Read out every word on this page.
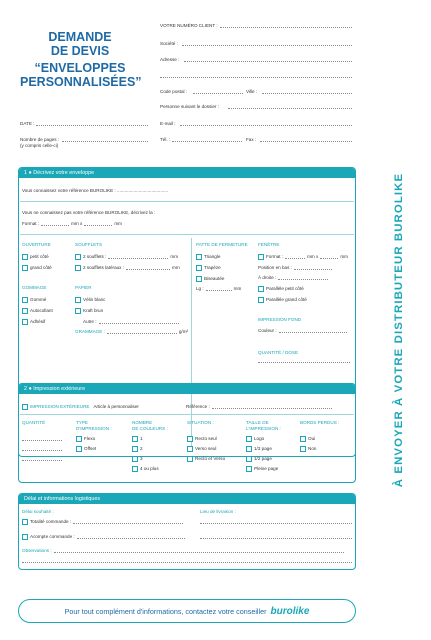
DEMANDE
DE DEVIS
“ENVELOPPES
PERSONNALISÉES”
DATE :
Nombre de pages :
(y compris celle-ci)
VOTRE NUMÉRO CLIENT :
Société :
Adresse :
Code postal :	Ville :
Personne suivant le dossier :
E-mail :
Tél. :	Fax :
À ENVOYER À VOTRE DISTRIBUTEUR BUROLIKE
1 ● Décrivez votre enveloppe
Vous connaissez votre référence BUROLIKE : ........................................
Vous ne connaissez pas votre référence BUROLIKE, décrivez la :
Format :	mm x	mm
OUVERTURE
petit côté
grand côté
SOUFFLETS
2 soufflets :	mm
2 soufflets latéraux :	mm
GOMMAGE
Gommé
Autocollant
Adhésif
PAPIER
Vélin blanc
Kraft brun
Autre :
GRAMMAGE :	g/m²
PATTE DE FERMETURE
Triangle
Trapèze
Biseautée
Lg :	mm
FENÊTRE
Format :	mm x	mm
Position en bas :
À droite :
Parallèle petit côté
Parallèle grand côté
IMPRESSION FOND
Couleur :
QUANTITÉ / DOSE
2 ● Impression extérieure
IMPRESSION EXTÉRIEURE Article à personnaliser	Référence :
QUANTITÉ	TYPE
D'IMPRESSION :
Flexo
Offset
NOMBRE
DE COULEURS :
1
2
3
4 ou plus
SITUATION :
Recto seul
Verso seul
Recto et Verso
TAILLE DE
L'IMPRESSION :
Logo
1/3 page
1/2 page
Pleine page
BORDS PERDUS :
Oui
Non
Délai et informations logistiques
Délai souhaité :
Totalité commande :
Acompte commande :
Lieu de livraison :
Observations :
Pour tout complément d'informations, contactez votre conseiller burolike
